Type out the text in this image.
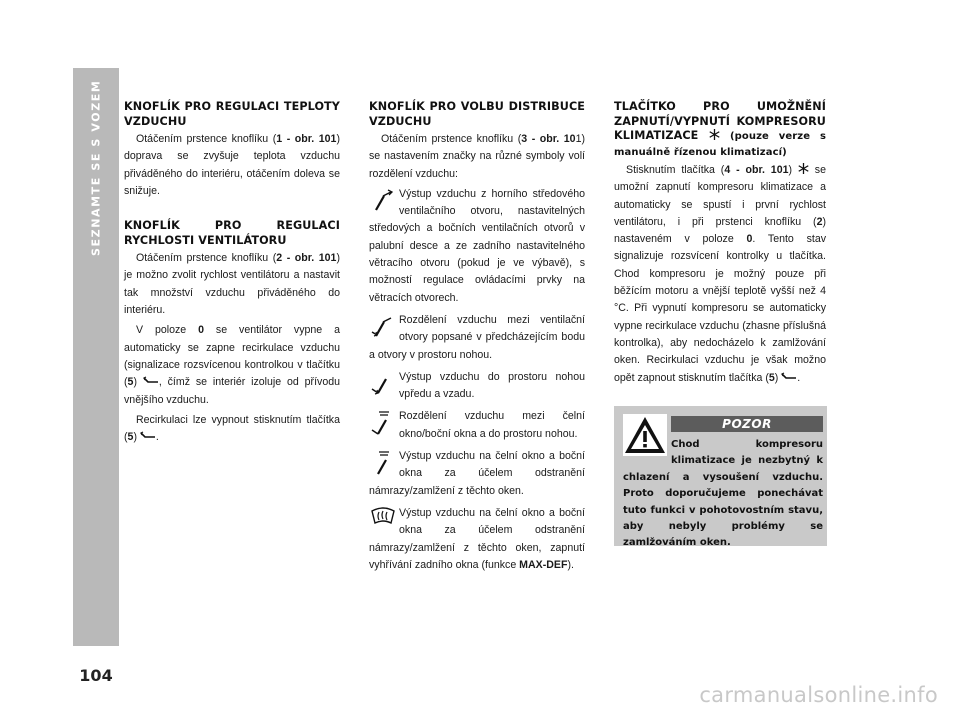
SEZNAMTE SE S VOZEM
104
KNOFLÍK PRO REGULACI TEPLOTY VZDUCHU

Otáčením prstence knoflíku (1 - obr. 101) doprava se zvyšuje teplota vzduchu přiváděného do interiéru, otáčením doleva se snižuje.

KNOFLÍK PRO REGULACI RYCHLOSTI VENTILÁTORU

Otáčením prstence knoflíku (2 - obr. 101) je možno zvolit rychlost ventilátoru a nastavit tak množství vzduchu přiváděného do interiéru.

V poloze 0 se ventilátor vypne a automaticky se zapne recirkulace vzduchu (signalizace rozsvícenou kontrolkou v tlačítku (5) , čímž se interiér izoluje od přívodu vnějšího vzduchu.

Recirkulaci lze vypnout stisknutím tlačítka (5) .

KNOFLÍK PRO VOLBU DISTRIBUCE VZDUCHU

Otáčením prstence knoflíku (3 - obr. 101) se nastavením značky na různé symboly volí rozdělení vzduchu:

Výstup vzduchu z horního středového ventilačního otvoru, nastavitelných středových a bočních ventilačních otvorů v palubní desce a ze zadního nastavitelného větracího otvoru (pokud je ve výbavě), s možností regulace ovládacími prvky na větracích otvorech.
Rozdělení vzduchu mezi ventilační otvory popsané v předcházejícím bodu a otvory v prostoru nohou.
Výstup vzduchu do prostoru nohou vpředu a vzadu.
Rozdělení vzduchu mezi čelní okno/boční okna a do prostoru nohou.
Výstup vzduchu na čelní okno a boční okna za účelem odstranění námrazy/zamlžení z těchto oken.
Výstup vzduchu na čelní okno a boční okna za účelem odstranění námrazy/zamlžení z těchto oken, zapnutí vyhřívání zadního okna (funkce MAX-DEF).
TLAČÍTKO PRO UMOŽNĚNÍ ZAPNUTÍ/VYPNUTÍ KOMPRESORU KLIMATIZACE	(pouze verze s manuálně řízenou klimatizací)

Stisknutím tlačítka (4 - obr. 101)  se umožní zapnutí kompresoru klimatizace a automaticky se spustí i první rychlost ventilátoru, i při prstenci knoflíku (2) nastaveném v poloze 0. Tento stav signalizuje rozsvícení kontrolky u tlačítka. Chod kompresoru je možný pouze při běžícím motoru a vnější teplotě vyšší než 4 °C. Při vypnutí kompresoru se automaticky vypne recirkulace vzduchu (zhasne příslušná kontrolka), aby nedocházelo k zamlžování oken. Recirkulaci vzduchu je však možno opět zapnout stisknutím tlačítka (5) .

POZOR
Chod kompresoru klimatizace je nezbytný k chlazení a vysoušení vzduchu. Proto doporučujeme ponechávat tuto funkci v pohotovostním stavu, aby nebyly problémy se zamlžováním oken.
carmanualsonline.info
